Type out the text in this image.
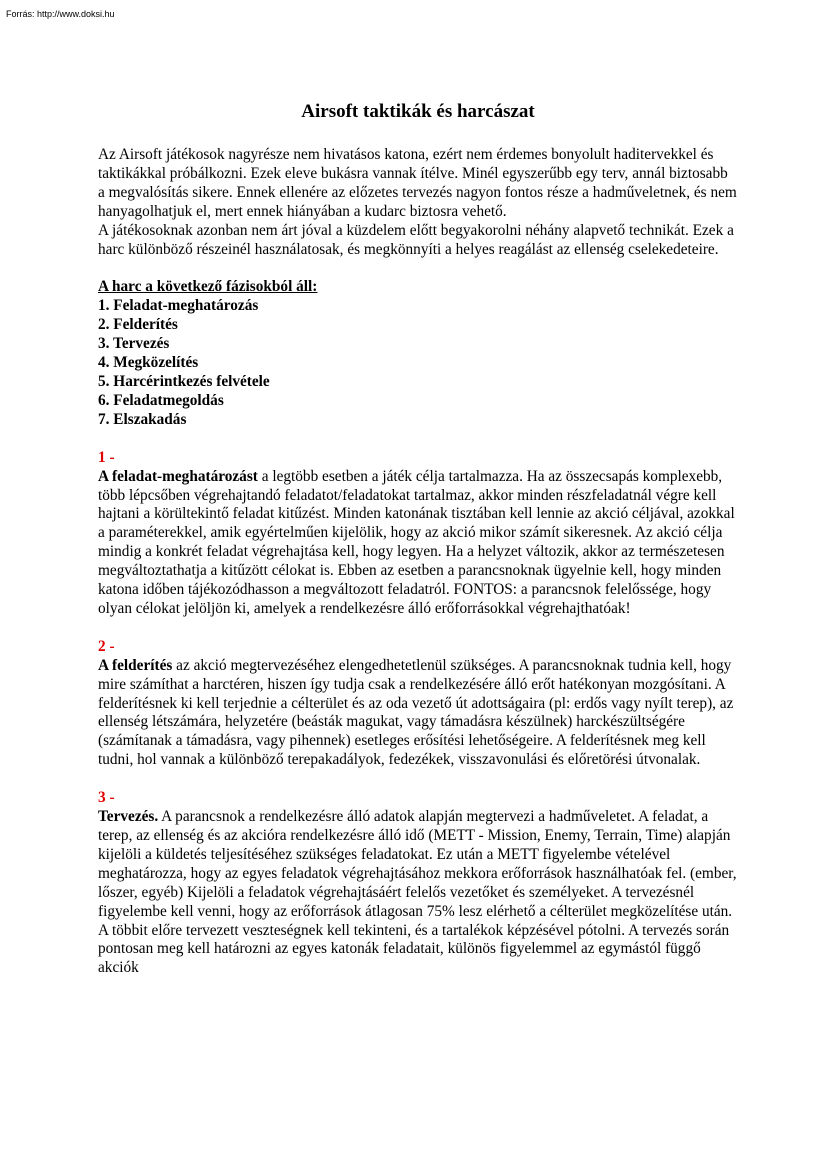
Forrás: http://www.doksi.hu
Airsoft taktikák és harcászat

Az Airsoft játékosok nagyrésze nem hivatásos katona, ezért nem érdemes bonyolult haditervekkel és taktikákkal próbálkozni. Ezek eleve bukásra vannak ítélve. Minél egyszerűbb egy terv, annál biztosabb a megvalósítás sikere. Ennek ellenére az előzetes tervezés nagyon fontos része a hadműveletnek, és nem hanyagolhatjuk el, mert ennek hiányában a kudarc biztosra vehető.

A játékosoknak azonban nem árt jóval a küzdelem előtt begyakorolni néhány alapvető technikát. Ezek a harc különböző részeinél használatosak, és megkönnyíti a helyes reagálást az ellenség cselekedeteire.

A harc a következő fázisokból áll:
1. Feladat-meghatározás
2. Felderítés
3. Tervezés
4. Megközelítés
5. Harcérintkezés felvétele
6. Feladatmegoldás
7. Elszakadás
1 -

A feladat-meghatározást a legtöbb esetben a játék célja tartalmazza. Ha az összecsapás komplexebb, több lépcsőben végrehajtandó feladatot/feladatokat tartalmaz, akkor minden részfeladatnál végre kell hajtani a körültekintő feladat kitűzést. Minden katonának tisztában kell lennie az akció céljával, azokkal a paraméterekkel, amik egyértelműen kijelölik, hogy az akció mikor számít sikeresnek. Az akció célja mindig a konkrét feladat végrehajtása kell, hogy legyen. Ha a helyzet változik, akkor az természetesen megváltoztathatja a kitűzött célokat is. Ebben az esetben a parancsnoknak ügyelnie kell, hogy minden katona időben tájékozódhasson a megváltozott feladatról. FONTOS: a parancsnok felelőssége, hogy olyan célokat jelöljön ki, amelyek a rendelkezésre álló erőforrásokkal végrehajthatóak!

2 -

A felderítés az akció megtervezéséhez elengedhetetlenül szükséges. A parancsnoknak tudnia kell, hogy mire számíthat a harctéren, hiszen így tudja csak a rendelkezésére álló erőt hatékonyan mozgósítani. A felderítésnek ki kell terjednie a célterület és az oda vezető út adottságaira (pl: erdős vagy nyílt terep), az ellenség létszámára, helyzetére (beásták magukat, vagy támadásra készülnek) harckészültségére (számítanak a támadásra, vagy pihennek) esetleges erősítési lehetőségeire. A felderítésnek meg kell tudni, hol vannak a különböző terepakadályok, fedezékek, visszavonulási és előretörési útvonalak.

3 -

Tervezés. A parancsnok a rendelkezésre álló adatok alapján megtervezi a hadműveletet. A feladat, a terep, az ellenség és az akcióra rendelkezésre álló idő (METT - Mission, Enemy, Terrain, Time) alapján kijelöli a küldetés teljesítéséhez szükséges feladatokat. Ez után a METT figyelembe vételével meghatározza, hogy az egyes feladatok végrehajtásához mekkora erőforrások használhatóak fel. (ember, lőszer, egyéb) Kijelöli a feladatok végrehajtásáért felelős vezetőket és személyeket. A tervezésnél figyelembe kell venni, hogy az erőforrások átlagosan 75% lesz elérhető a célterület megközelítése után. A többit előre tervezett veszteségnek kell tekinteni, és a tartalékok képzésével pótolni. A tervezés során pontosan meg kell határozni az egyes katonák feladatait, különös figyelemmel az egymástól függő akciók
